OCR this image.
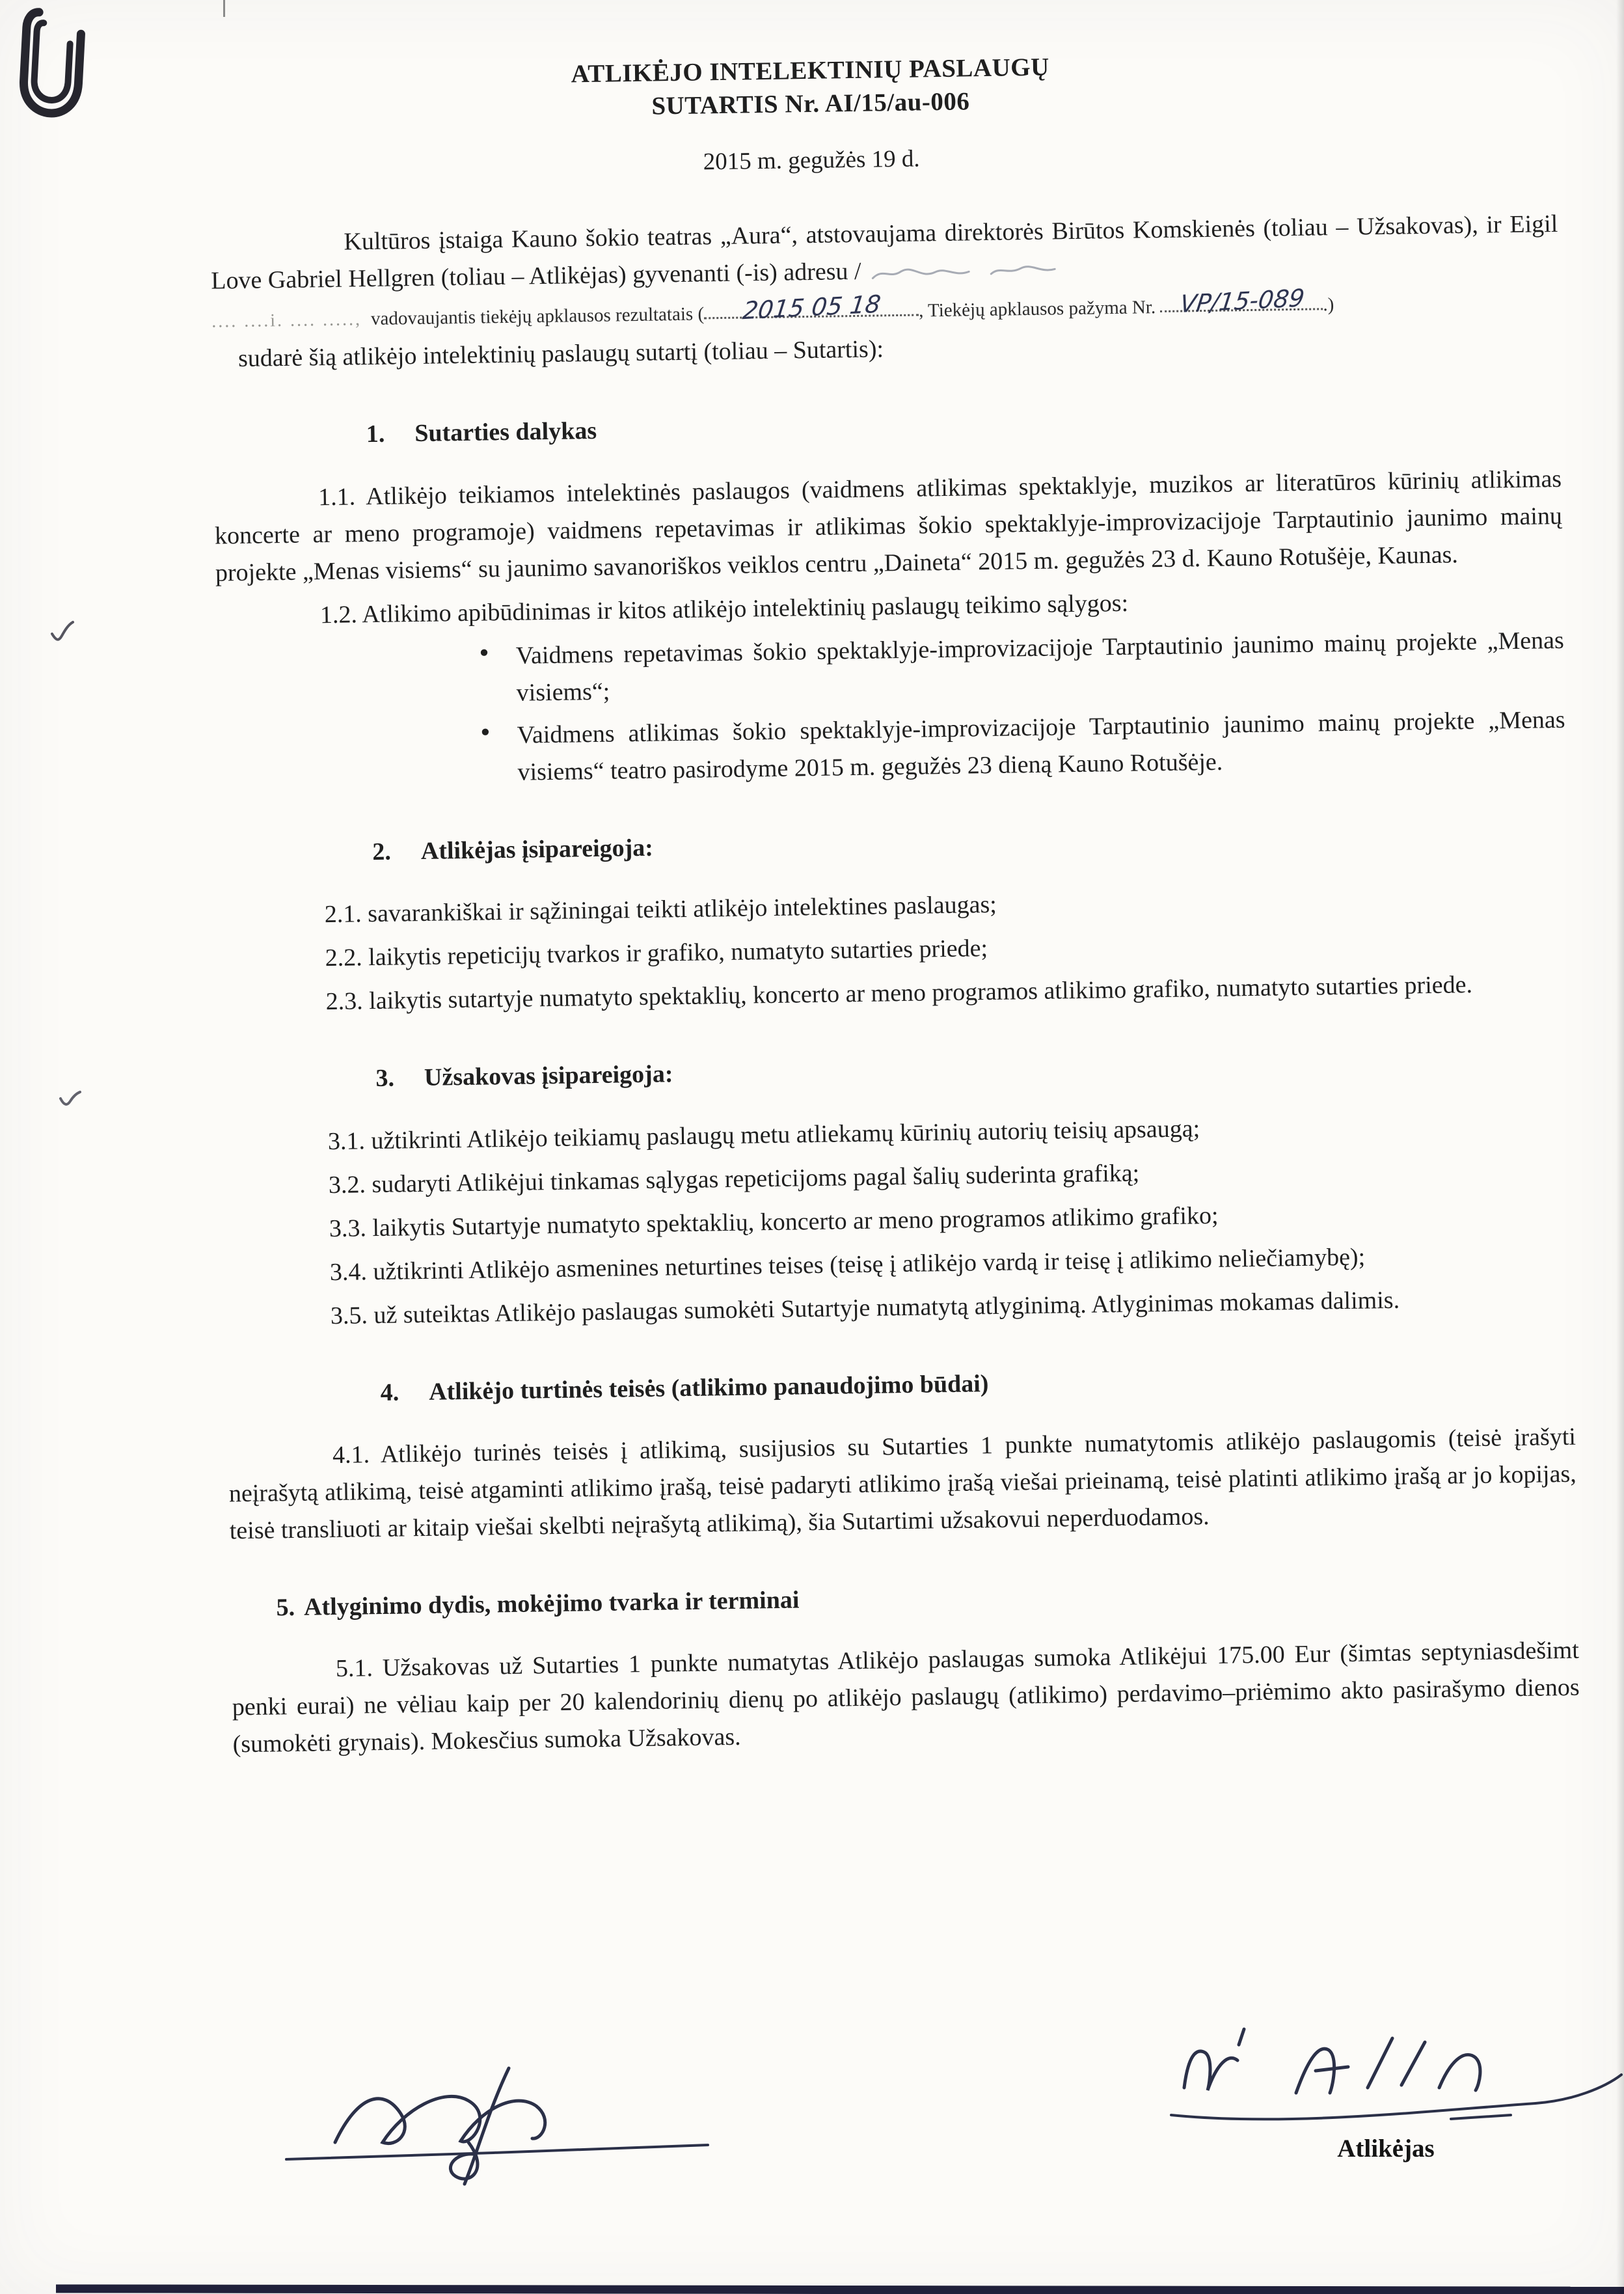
ATLIKĖJO INTELEKTINIŲ PASLAUGŲ
SUTARTIS Nr. AI/15/au-006
2015 m. gegužės 19 d.

Kultūros įstaiga Kauno šokio teatras „Aura“, atstovaujama direktorės Birūtos Komskienės (toliau – Užsakovas), ir Eigil Love Gabriel Hellgren (toliau – Atlikėjas) gyvenanti (-is) adresu /

.... ....i. .... ....., vadovaujantis tiekėjų apklausos rezultatais ( 2015 05 18 , Tiekėjų apklausos pažyma Nr. VP/15-089 .)
sudarė šią atlikėjo intelektinių paslaugų sutartį (toliau – Sutartis):
1. Sutarties dalykas

1.1. Atlikėjo teikiamos intelektinės paslaugos (vaidmens atlikimas spektaklyje, muzikos ar literatūros kūrinių atlikimas koncerte ar meno programoje) vaidmens repetavimas ir atlikimas šokio spektaklyje-improvizacijoje Tarptautinio jaunimo mainų projekte „Menas visiems“ su jaunimo savanoriškos veiklos centru „Daineta“ 2015 m. gegužės 23 d. Kauno Rotušėje, Kaunas.

1.2. Atlikimo apibūdinimas ir kitos atlikėjo intelektinių paslaugų teikimo sąlygos:

● Vaidmens repetavimas šokio spektaklyje-improvizacijoje Tarptautinio jaunimo mainų projekte „Menas visiems“;
● Vaidmens atlikimas šokio spektaklyje-improvizacijoje Tarptautinio jaunimo mainų projekte „Menas visiems“ teatro pasirodyme 2015 m. gegužės 23 dieną Kauno Rotušėje.
2. Atlikėjas įsipareigoja:

2.1. savarankiškai ir sąžiningai teikti atlikėjo intelektines paslaugas;

2.2. laikytis repeticijų tvarkos ir grafiko, numatyto sutarties priede;

2.3. laikytis sutartyje numatyto spektaklių, koncerto ar meno programos atlikimo grafiko, numatyto sutarties priede.

3. Užsakovas įsipareigoja:

3.1. užtikrinti Atlikėjo teikiamų paslaugų metu atliekamų kūrinių autorių teisių apsaugą;

3.2. sudaryti Atlikėjui tinkamas sąlygas repeticijoms pagal šalių suderinta grafiką;

3.3. laikytis Sutartyje numatyto spektaklių, koncerto ar meno programos atlikimo grafiko;

3.4. užtikrinti Atlikėjo asmenines neturtines teises (teisę į atlikėjo vardą ir teisę į atlikimo neliečiamybę);

3.5. už suteiktas Atlikėjo paslaugas sumokėti Sutartyje numatytą atlyginimą. Atlyginimas mokamas dalimis.

4. Atlikėjo turtinės teisės (atlikimo panaudojimo būdai)

4.1. Atlikėjo turinės teisės į atlikimą, susijusios su Sutarties 1 punkte numatytomis atlikėjo paslaugomis (teisė įrašyti neįrašytą atlikimą, teisė atgaminti atlikimo įrašą, teisė padaryti atlikimo įrašą viešai prieinamą, teisė platinti atlikimo įrašą ar jo kopijas, teisė transliuoti ar kitaip viešai skelbti neįrašytą atlikimą), šia Sutartimi užsakovui neperduodamos.

5. Atlyginimo dydis, mokėjimo tvarka ir terminai

5.1. Užsakovas už Sutarties 1 punkte numatytas Atlikėjo paslaugas sumoka Atlikėjui 175.00 Eur (šimtas septyniasdešimt penki eurai) ne vėliau kaip per 20 kalendorinių dienų po atlikėjo paslaugų (atlikimo) perdavimo–priėmimo akto pasirašymo dienos (sumokėti grynais). Mokesčius sumoka Užsakovas.

Atlikėjas
